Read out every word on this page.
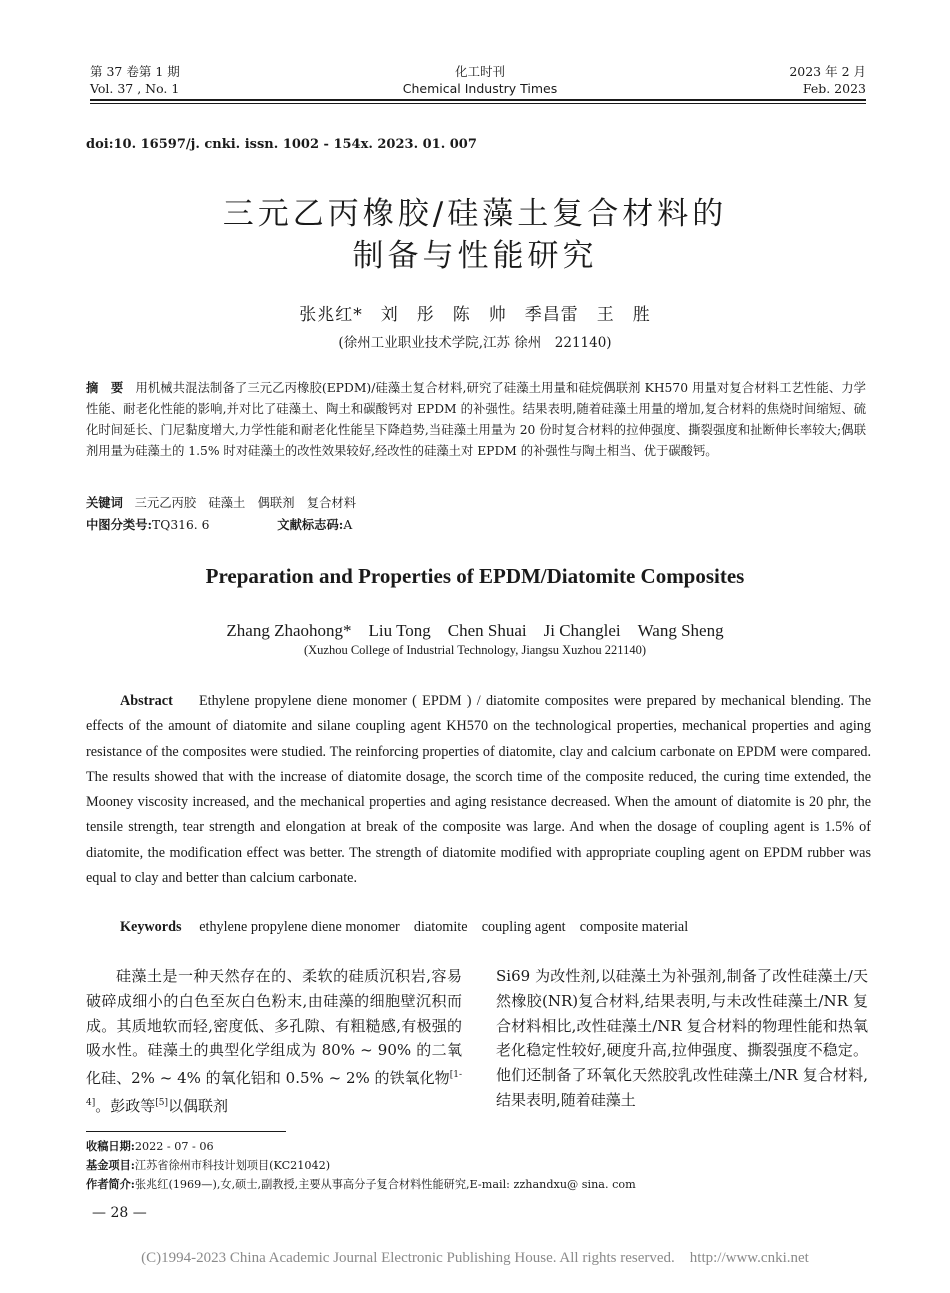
第 37 卷第 1 期
Vol. 37 , No. 1
化工时刊
Chemical Industry Times
2023 年 2 月
Feb. 2023
doi:10. 16597/j. cnki. issn. 1002 - 154x. 2023. 01. 007
三元乙丙橡胶/硅藻土复合材料的
制备与性能研究
张兆红*　刘　彤　陈　帅　季昌雷　王　胜
(徐州工业职业技术学院,江苏 徐州　221140)
摘　要 用机械共混法制备了三元乙丙橡胶(EPDM)/硅藻土复合材料,研究了硅藻土用量和硅烷偶联剂 KH570 用量对复合材料工艺性能、力学性能、耐老化性能的影响,并对比了硅藻土、陶土和碳酸钙对 EPDM 的补强性。结果表明,随着硅藻土用量的增加,复合材料的焦烧时间缩短、硫化时间延长、门尼黏度增大,力学性能和耐老化性能呈下降趋势,当硅藻土用量为 20 份时复合材料的拉伸强度、撕裂强度和扯断伸长率较大;偶联剂用量为硅藻土的 1.5% 时对硅藻土的改性效果较好,经改性的硅藻土对 EPDM 的补强性与陶土相当、优于碳酸钙。
关键词 三元乙丙胶　硅藻土　偶联剂　复合材料
中图分类号:TQ316. 6	文献标志码:A
Preparation and Properties of EPDM/Diatomite Composites
Zhang Zhaohong*　Liu Tong　Chen Shuai　Ji Changlei　Wang Sheng
(Xuzhou College of Industrial Technology, Jiangsu Xuzhou 221140)
Abstract Ethylene propylene diene monomer ( EPDM ) / diatomite composites were prepared by mechanical blending. The effects of the amount of diatomite and silane coupling agent KH570 on the technological properties, mechanical properties and aging resistance of the composites were studied. The reinforcing properties of diatomite, clay and calcium carbonate on EPDM were compared. The results showed that with the increase of diatomite dosage, the scorch time of the composite reduced, the curing time extended, the Mooney viscosity increased, and the mechanical properties and aging resistance decreased. When the amount of diatomite is 20 phr, the tensile strength, tear strength and elongation at break of the composite was large. And when the dosage of coupling agent is 1.5% of diatomite, the modification effect was better. The strength of diatomite modified with appropriate coupling agent on EPDM rubber was equal to clay and better than calcium carbonate.
Keywords ethylene propylene diene monomer　diatomite　coupling agent　composite material
硅藻土是一种天然存在的、柔软的硅质沉积岩,容易破碎成细小的白色至灰白色粉末,由硅藻的细胞壁沉积而成。其质地软而轻,密度低、多孔隙、有粗糙感,有极强的吸水性。硅藻土的典型化学组成为 80% ~ 90% 的二氧化硅、2% ~ 4% 的氧化铝和 0.5% ~ 2% 的铁氧化物[1-4]。彭政等[5]以偶联剂
Si69 为改性剂,以硅藻土为补强剂,制备了改性硅藻土/天然橡胶(NR)复合材料,结果表明,与未改性硅藻土/NR 复合材料相比,改性硅藻土/NR 复合材料的物理性能和热氧老化稳定性较好,硬度升高,拉伸强度、撕裂强度不稳定。他们还制备了环氧化天然胶乳改性硅藻土/NR 复合材料,结果表明,随着硅藻土
收稿日期:2022 - 07 - 06
基金项目:江苏省徐州市科技计划项目(KC21042)
作者简介:张兆红(1969—),女,硕士,副教授,主要从事高分子复合材料性能研究,E-mail: zzhandxu@ sina. com
— 28 —
(C)1994-2023 China Academic Journal Electronic Publishing House. All rights reserved.　http://www.cnki.net
